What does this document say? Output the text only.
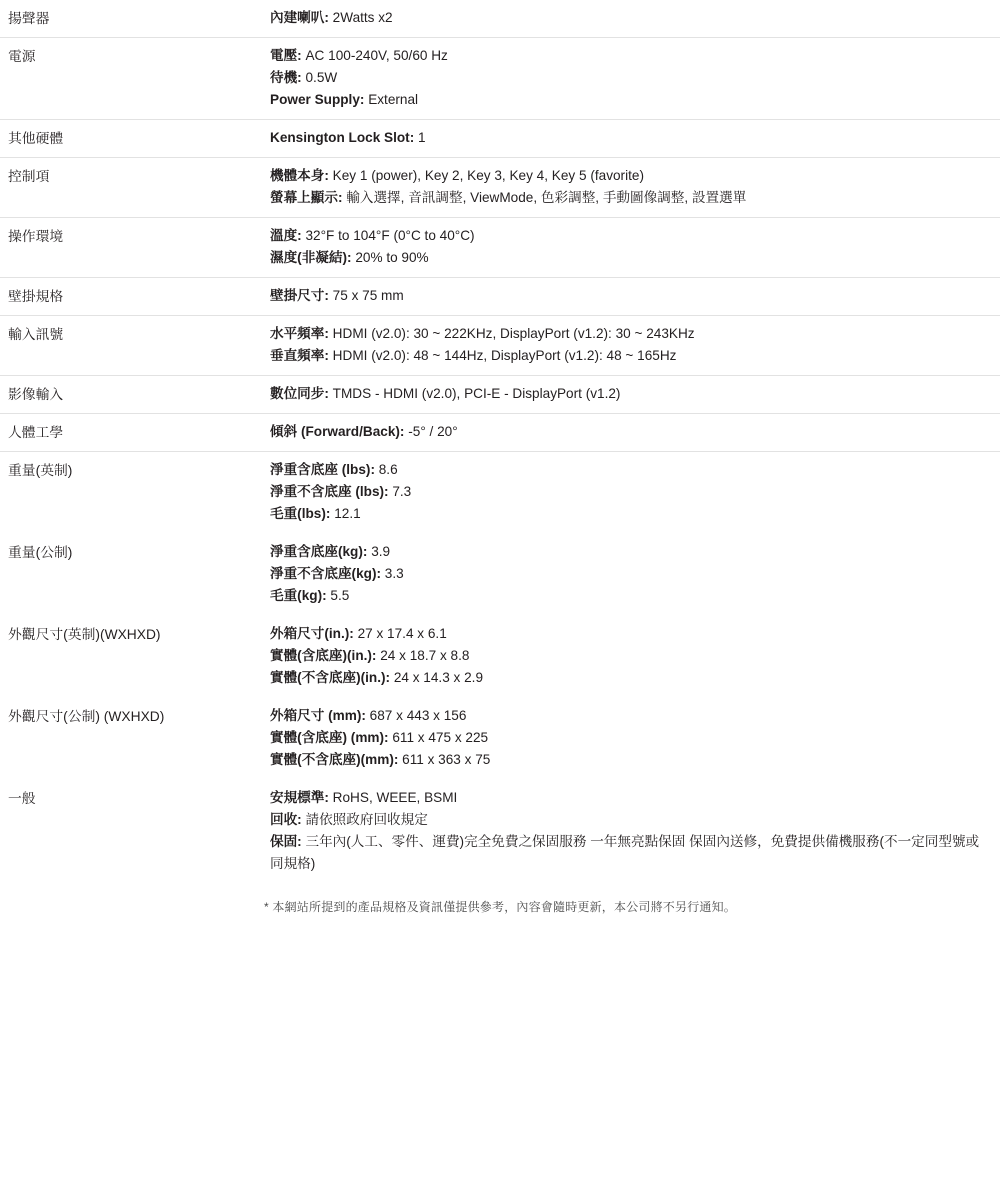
揚聲器	內建喇叭: 2Watts x2

電源	電壓: AC 100-240V, 50/60 Hz
待機: 0.5W
Power Supply: External

其他硬體	Kensington Lock Slot: 1

控制項	機體本身: Key 1 (power), Key 2, Key 3, Key 4, Key 5 (favorite)
螢幕上顯示: 輸入選擇, 音訊調整, ViewMode, 色彩調整, 手動圖像調整, 設置選單

操作環境	溫度: 32°F to 104°F (0°C to 40°C)
濕度(非凝結): 20% to 90%

壁掛規格	壁掛尺寸: 75 x 75 mm

輸入訊號	水平頻率: HDMI (v2.0): 30 ~ 222KHz, DisplayPort (v1.2): 30 ~ 243KHz
垂直頻率: HDMI (v2.0): 48 ~ 144Hz, DisplayPort (v1.2): 48 ~ 165Hz

影像輸入	數位同步: TMDS - HDMI (v2.0), PCI-E - DisplayPort (v1.2)

人體工學	傾斜 (Forward/Back): -5° / 20°

重量(英制)	淨重含底座 (lbs): 8.6
淨重不含底座 (lbs): 7.3
毛重(lbs): 12.1

重量(公制)	淨重含底座(kg): 3.9
淨重不含底座(kg): 3.3
毛重(kg): 5.5

外觀尺寸(英制)(WXHXD)	外箱尺寸(in.): 27 x 17.4 x 6.1
實體(含底座)(in.): 24 x 18.7 x 8.8
實體(不含底座)(in.): 24 x 14.3 x 2.9

外觀尺寸(公制) (WXHXD)	外箱尺寸 (mm): 687 x 443 x 156
實體(含底座) (mm): 611 x 475 x 225
實體(不含底座)(mm): 611 x 363 x 75

一般	安規標準: RoHS, WEEE, BSMI
回收: 請依照政府回收規定
保固: 三年內(人工、零件、運費)完全免費之保固服務 一年無亮點保固 保固內送修，免費提供備機服務(不一定同型號或同規格)
* 本網站所提到的產品規格及資訊僅提供參考，內容會隨時更新，本公司將不另行通知。
